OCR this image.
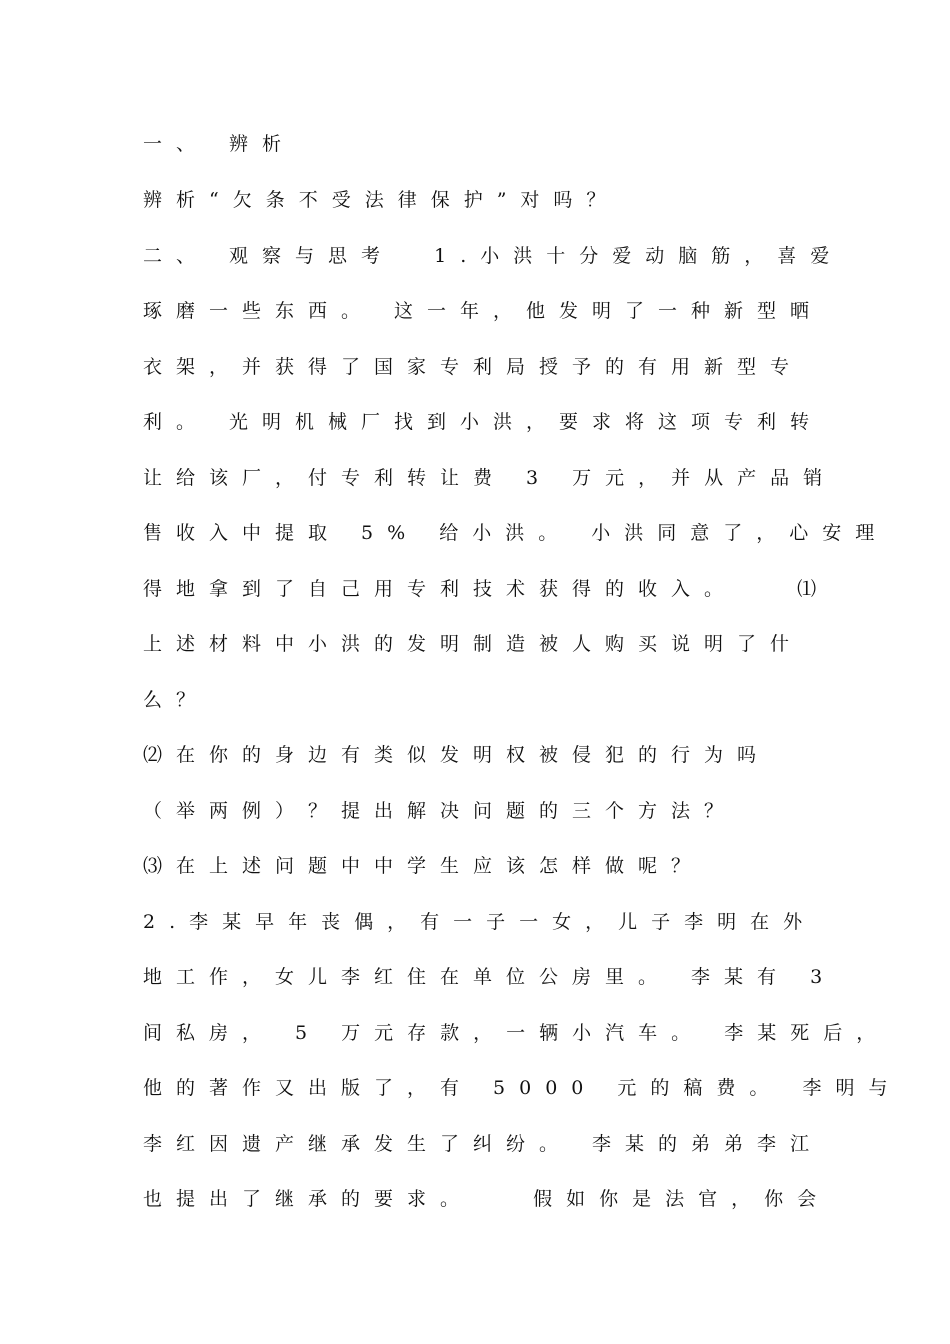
一、 辨析
辨析“欠条不受法律保护”对吗？
二、 观察与思考  1.小洪十分爱动脑筋，喜爱
琢磨一些东西。 这一年，他发明了一种新型晒
衣架，并获得了国家专利局授予的有用新型专
利。 光明机械厂找到小洪，要求将这项专利转
让给该厂，付专利转让费 3 万元，并从产品销
售收入中提取 5% 给小洪。 小洪同意了，心安理
得地拿到了自己用专利技术获得的收入。   ⑴
上述材料中小洪的发明制造被人购买说明了什
么？
⑵在你的身边有类似发明权被侵犯的行为吗
（举两例）？提出解决问题的三个方法？
⑶在上述问题中中学生应该怎样做呢？
2.李某早年丧偶，有一子一女，儿子李明在外
地工作，女儿李红住在单位公房里。 李某有 3
间私房， 5 万元存款，一辆小汽车。 李某死后，
他的著作又出版了，有 5000 元的稿费。 李明与
李红因遗产继承发生了纠纷。 李某的弟弟李江
也提出了继承的要求。   假如你是法官，你会
